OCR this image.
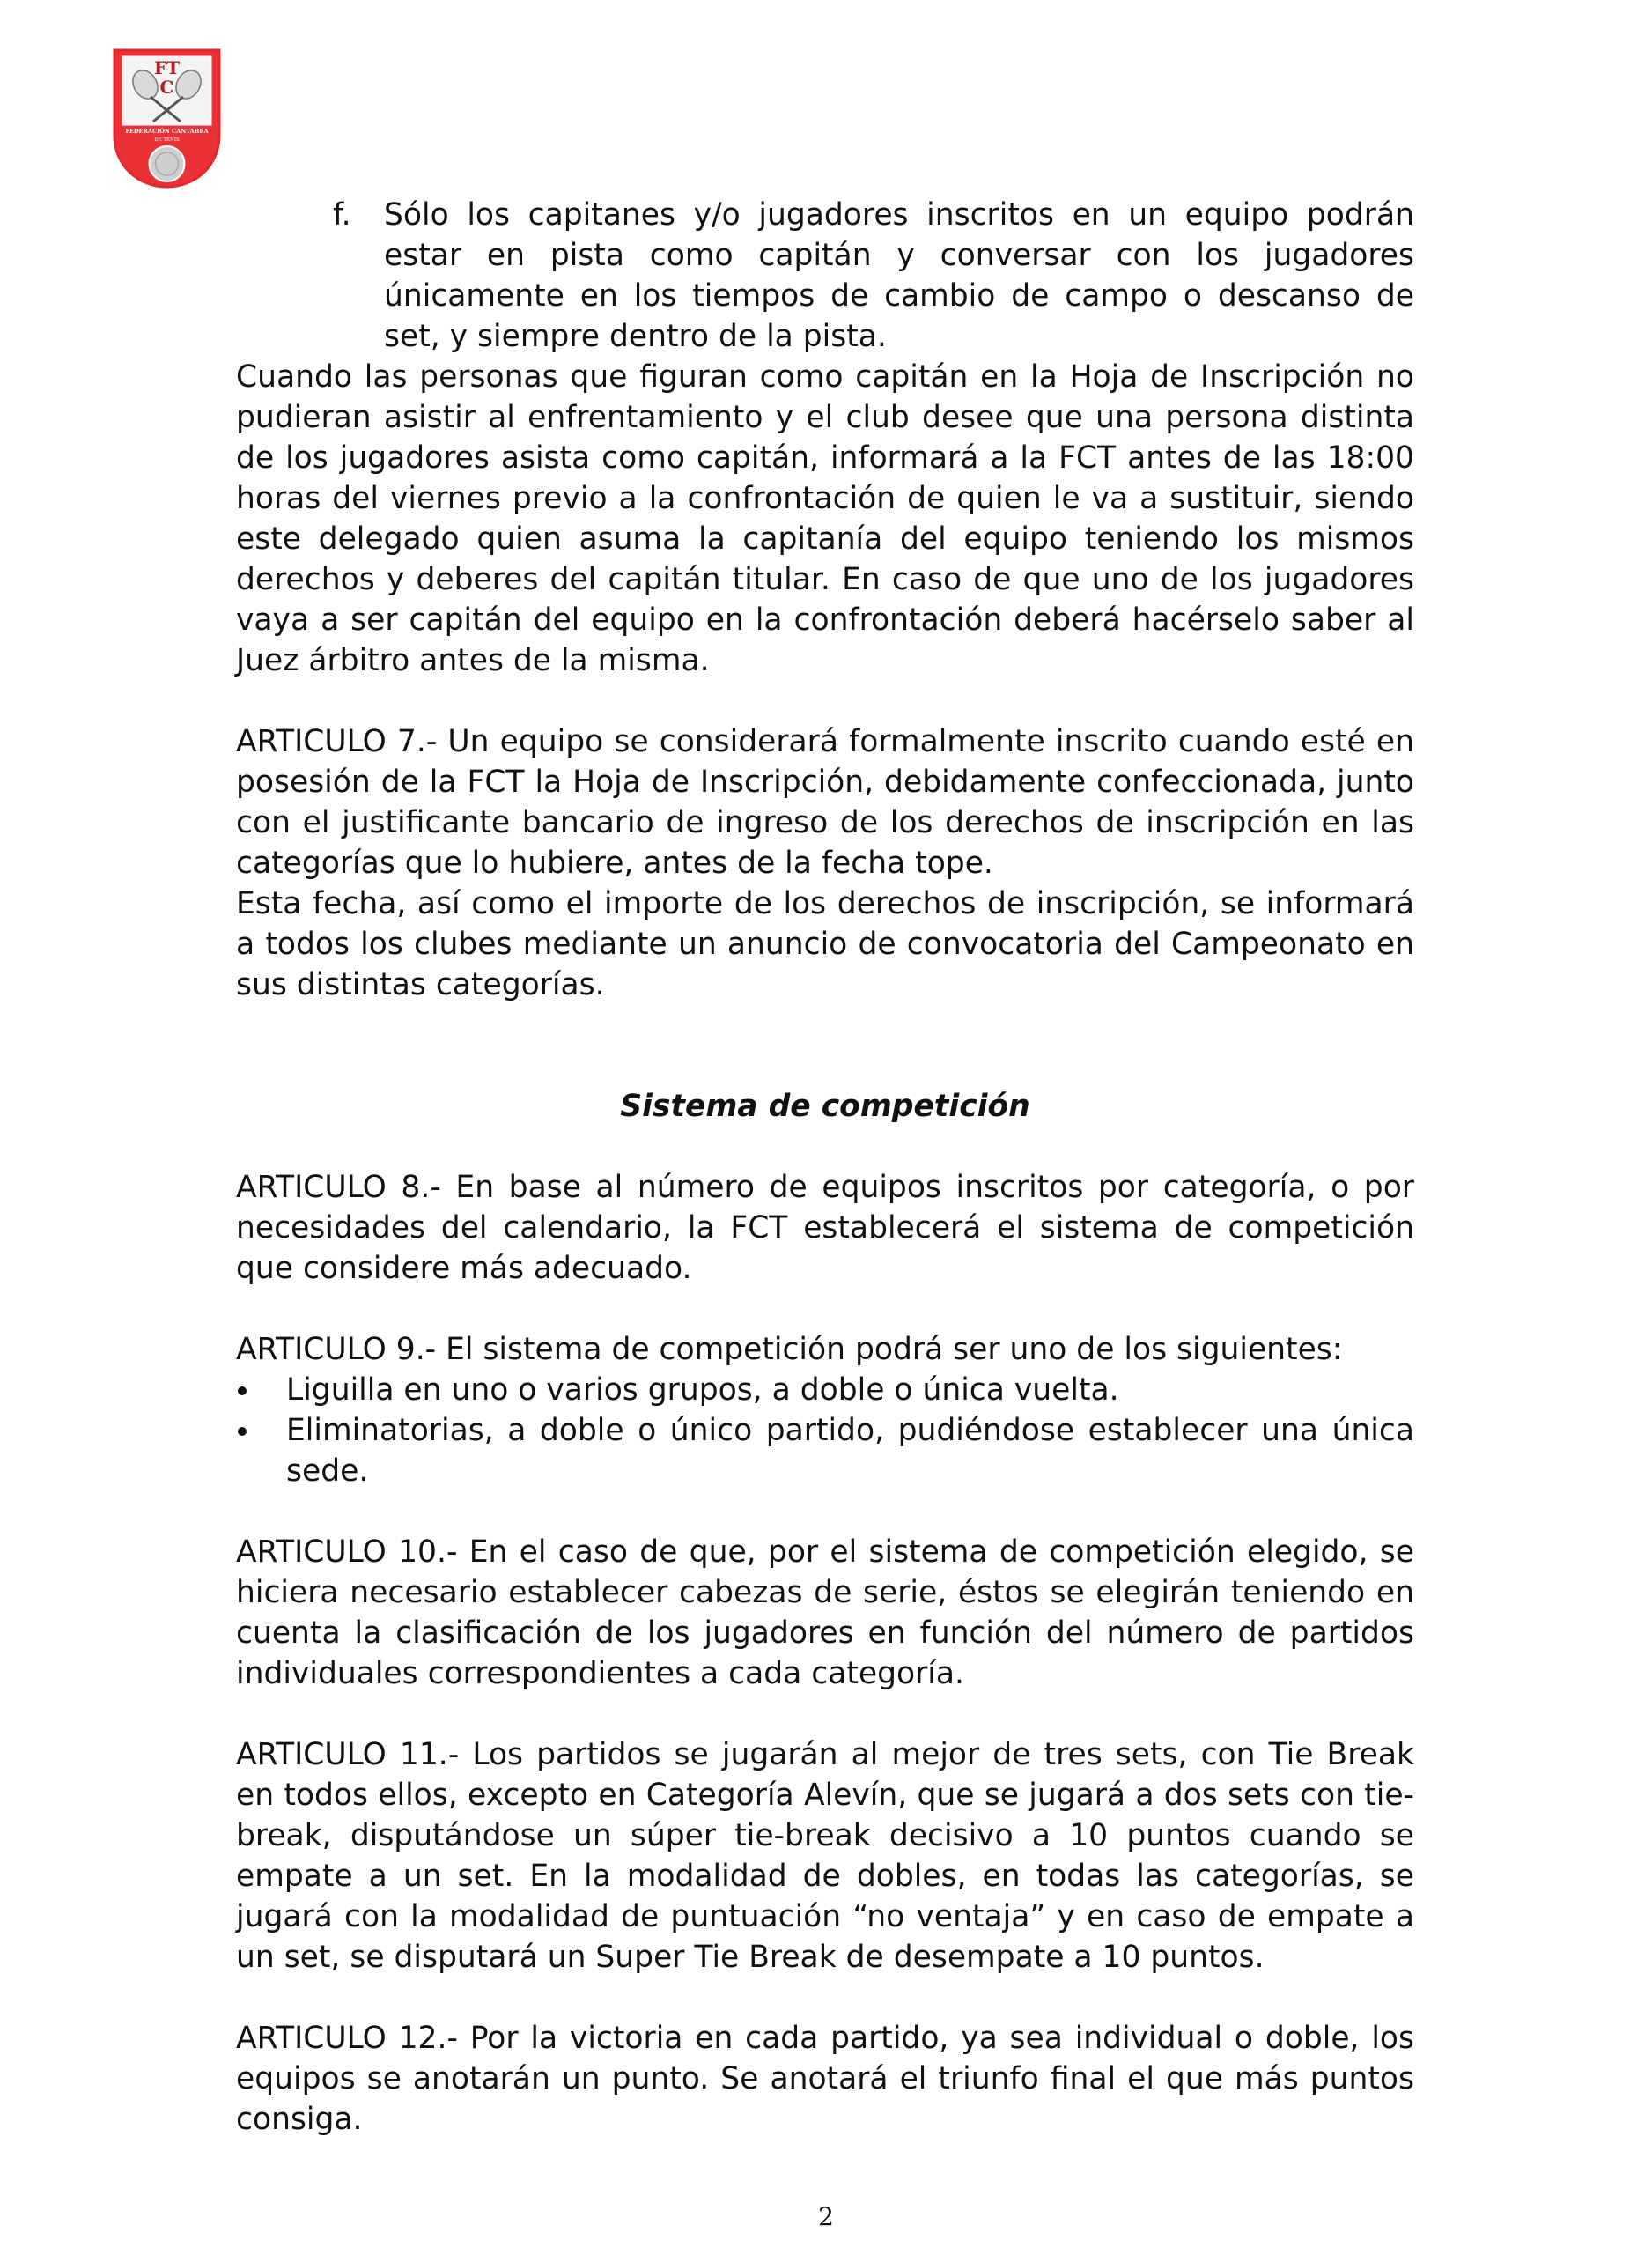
FT
C
FEDERACIÓN CANTABRA
DE TENIS
f. Sólo los capitanes y/o jugadores inscritos en un equipo podrán estar en pista como capitán y conversar con los jugadores únicamente en los tiempos de cambio de campo o descanso de set, y siempre dentro de la pista.

Cuando las personas que figuran como capitán en la Hoja de Inscripción no pudieran asistir al enfrentamiento y el club desee que una persona distinta de los jugadores asista como capitán, informará a la FCT antes de las 18:00 horas del viernes previo a la confrontación de quien le va a sustituir, siendo este delegado quien asuma la capitanía del equipo teniendo los mismos derechos y deberes del capitán titular. En caso de que uno de los jugadores vaya a ser capitán del equipo en la confrontación deberá hacérselo saber al Juez árbitro antes de la misma.

ARTICULO 7.- Un equipo se considerará formalmente inscrito cuando esté en posesión de la FCT la Hoja de Inscripción, debidamente confeccionada, junto con el justificante bancario de ingreso de los derechos de inscripción en las categorías que lo hubiere, antes de la fecha tope.

Esta fecha, así como el importe de los derechos de inscripción, se informará a todos los clubes mediante un anuncio de convocatoria del Campeonato en sus distintas categorías.

Sistema de competición

ARTICULO 8.- En base al número de equipos inscritos por categoría, o por necesidades del calendario, la FCT establecerá el sistema de competición que considere más adecuado.

ARTICULO 9.- El sistema de competición podrá ser uno de los siguientes:

Liguilla en uno o varios grupos, a doble o única vuelta.
Eliminatorias, a doble o único partido, pudiéndose establecer una única sede.

ARTICULO 10.- En el caso de que, por el sistema de competición elegido, se hiciera necesario establecer cabezas de serie, éstos se elegirán teniendo en cuenta la clasificación de los jugadores en función del número de partidos individuales correspondientes a cada categoría.

ARTICULO 11.- Los partidos se jugarán al mejor de tres sets, con Tie Break en todos ellos, excepto en Categoría Alevín, que se jugará a dos sets con tie-break, disputándose un súper tie-break decisivo a 10 puntos cuando se empate a un set. En la modalidad de dobles, en todas las categorías, se jugará con la modalidad de puntuación “no ventaja” y en caso de empate a un set, se disputará un Super Tie Break de desempate a 10 puntos.

ARTICULO 12.- Por la victoria en cada partido, ya sea individual o doble, los equipos se anotarán un punto. Se anotará el triunfo final el que más puntos consiga.

2
